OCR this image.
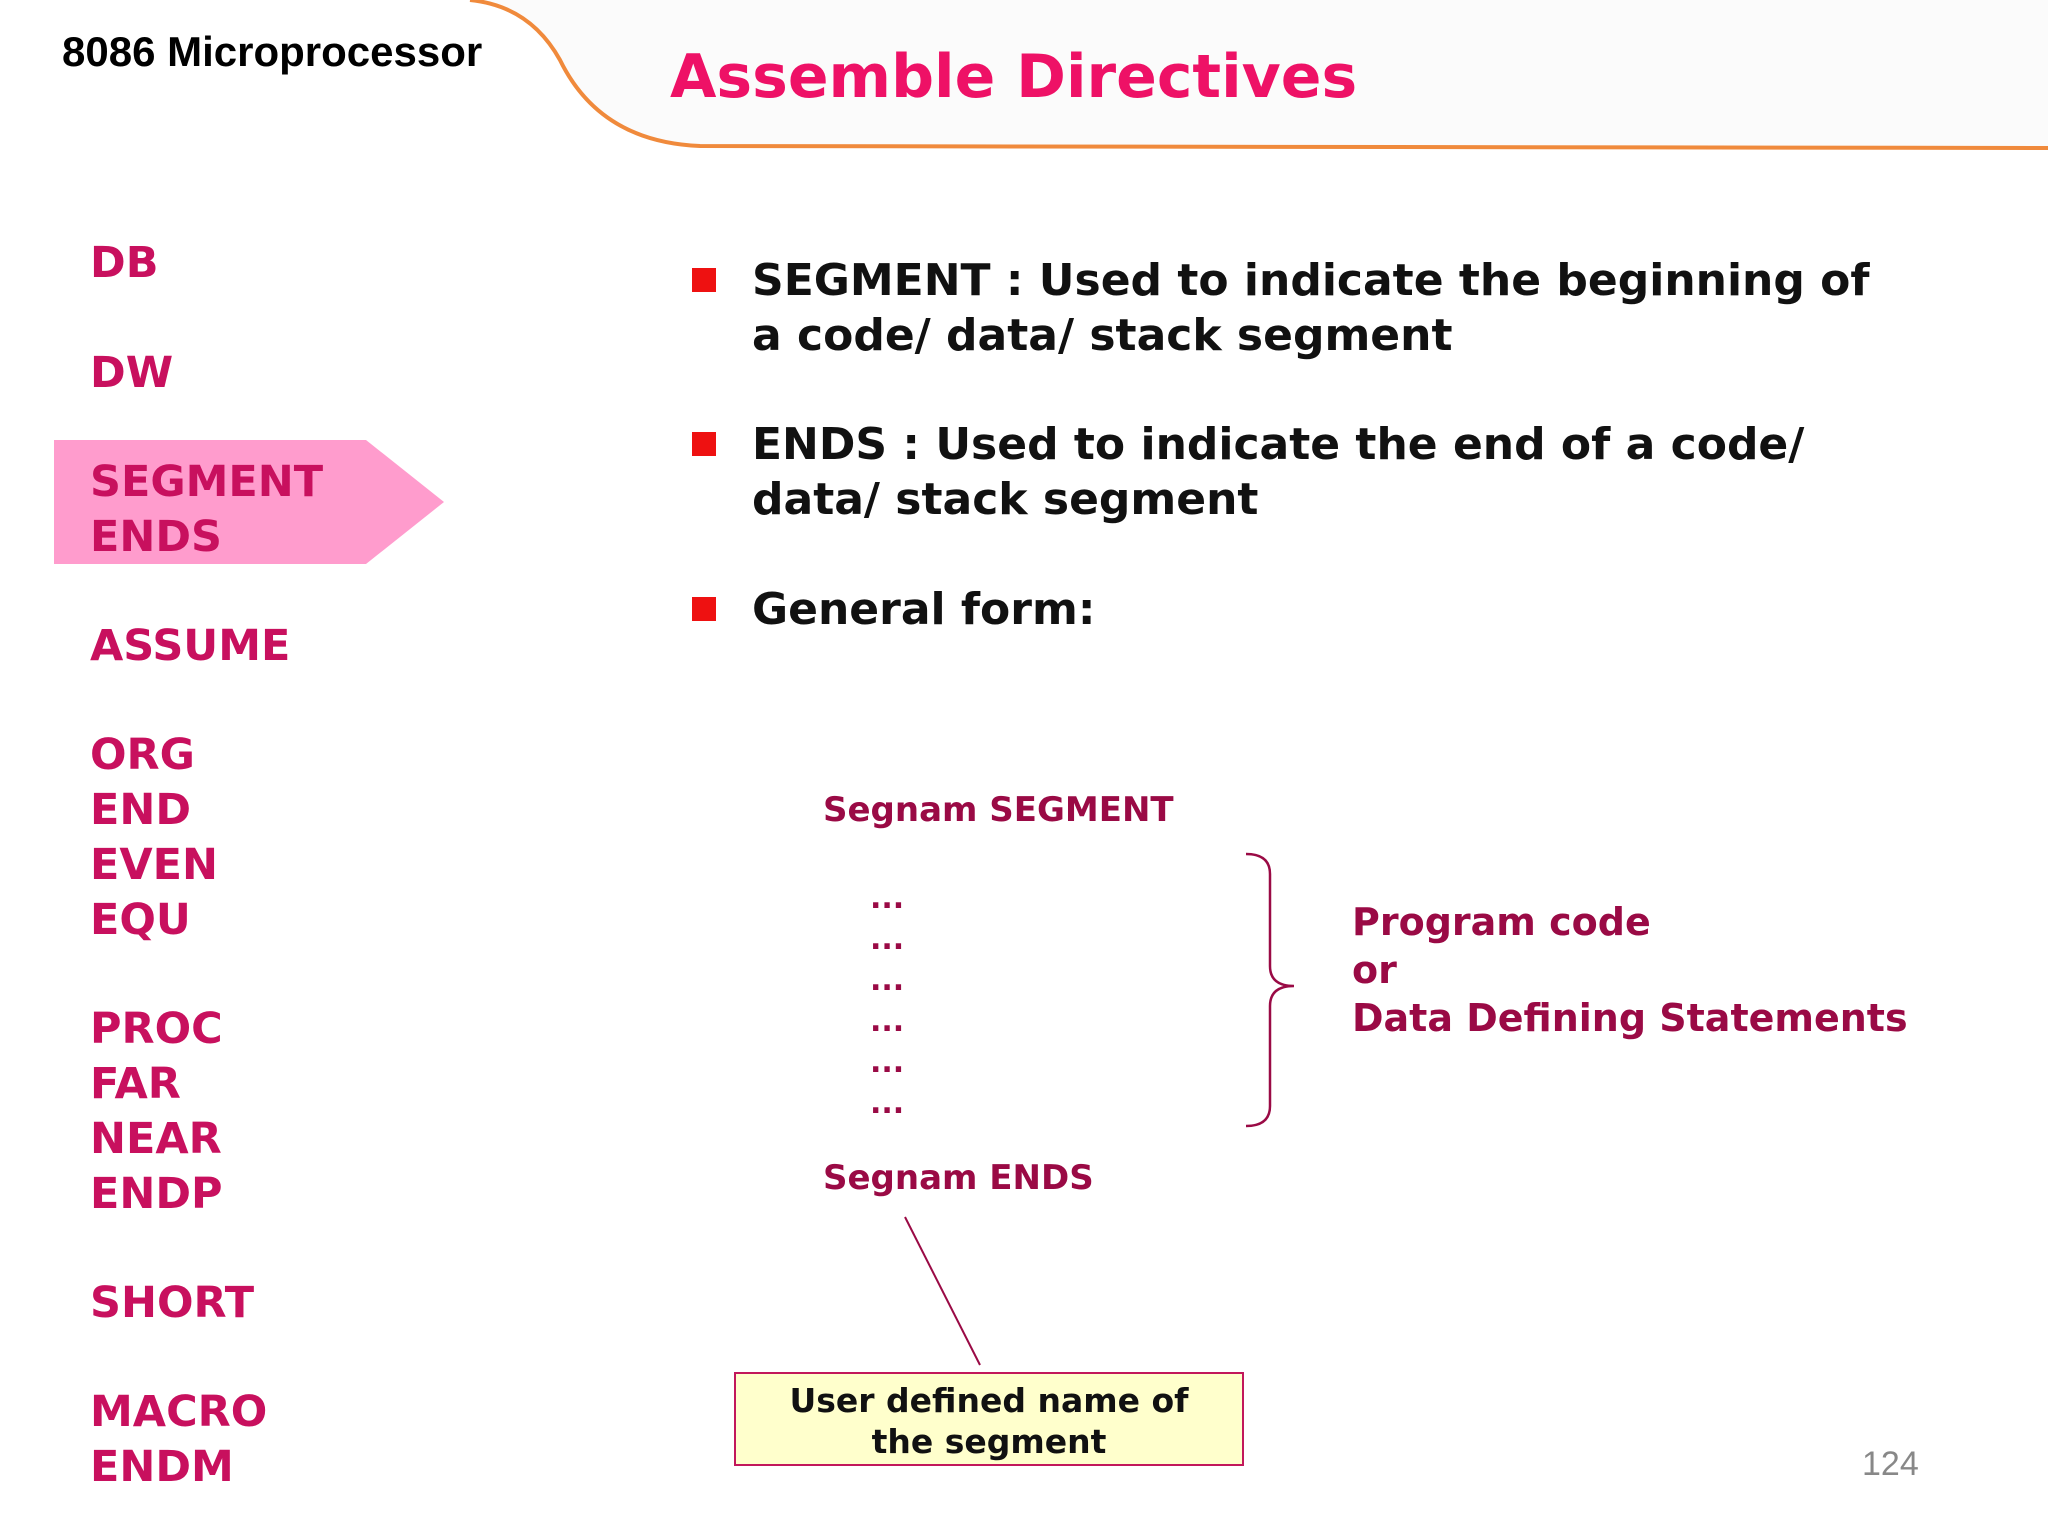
8086 Microprocessor	Assemble Directives
DB
DW
SEGMENT
ENDS
ASSUME
ORG
END
EVEN
EQU
PROC
FAR
NEAR
ENDP
SHORT
MACRO
ENDM
SEGMENT : Used to indicate the beginning of
a code/ data/ stack segment
ENDS : Used to indicate the end of a code/
data/ stack segment
General form:
Segnam SEGMENT
...
...
...
...
...
...
Program code
or
Data Defining Statements
Segnam ENDS
User defined name of
the segment
124
